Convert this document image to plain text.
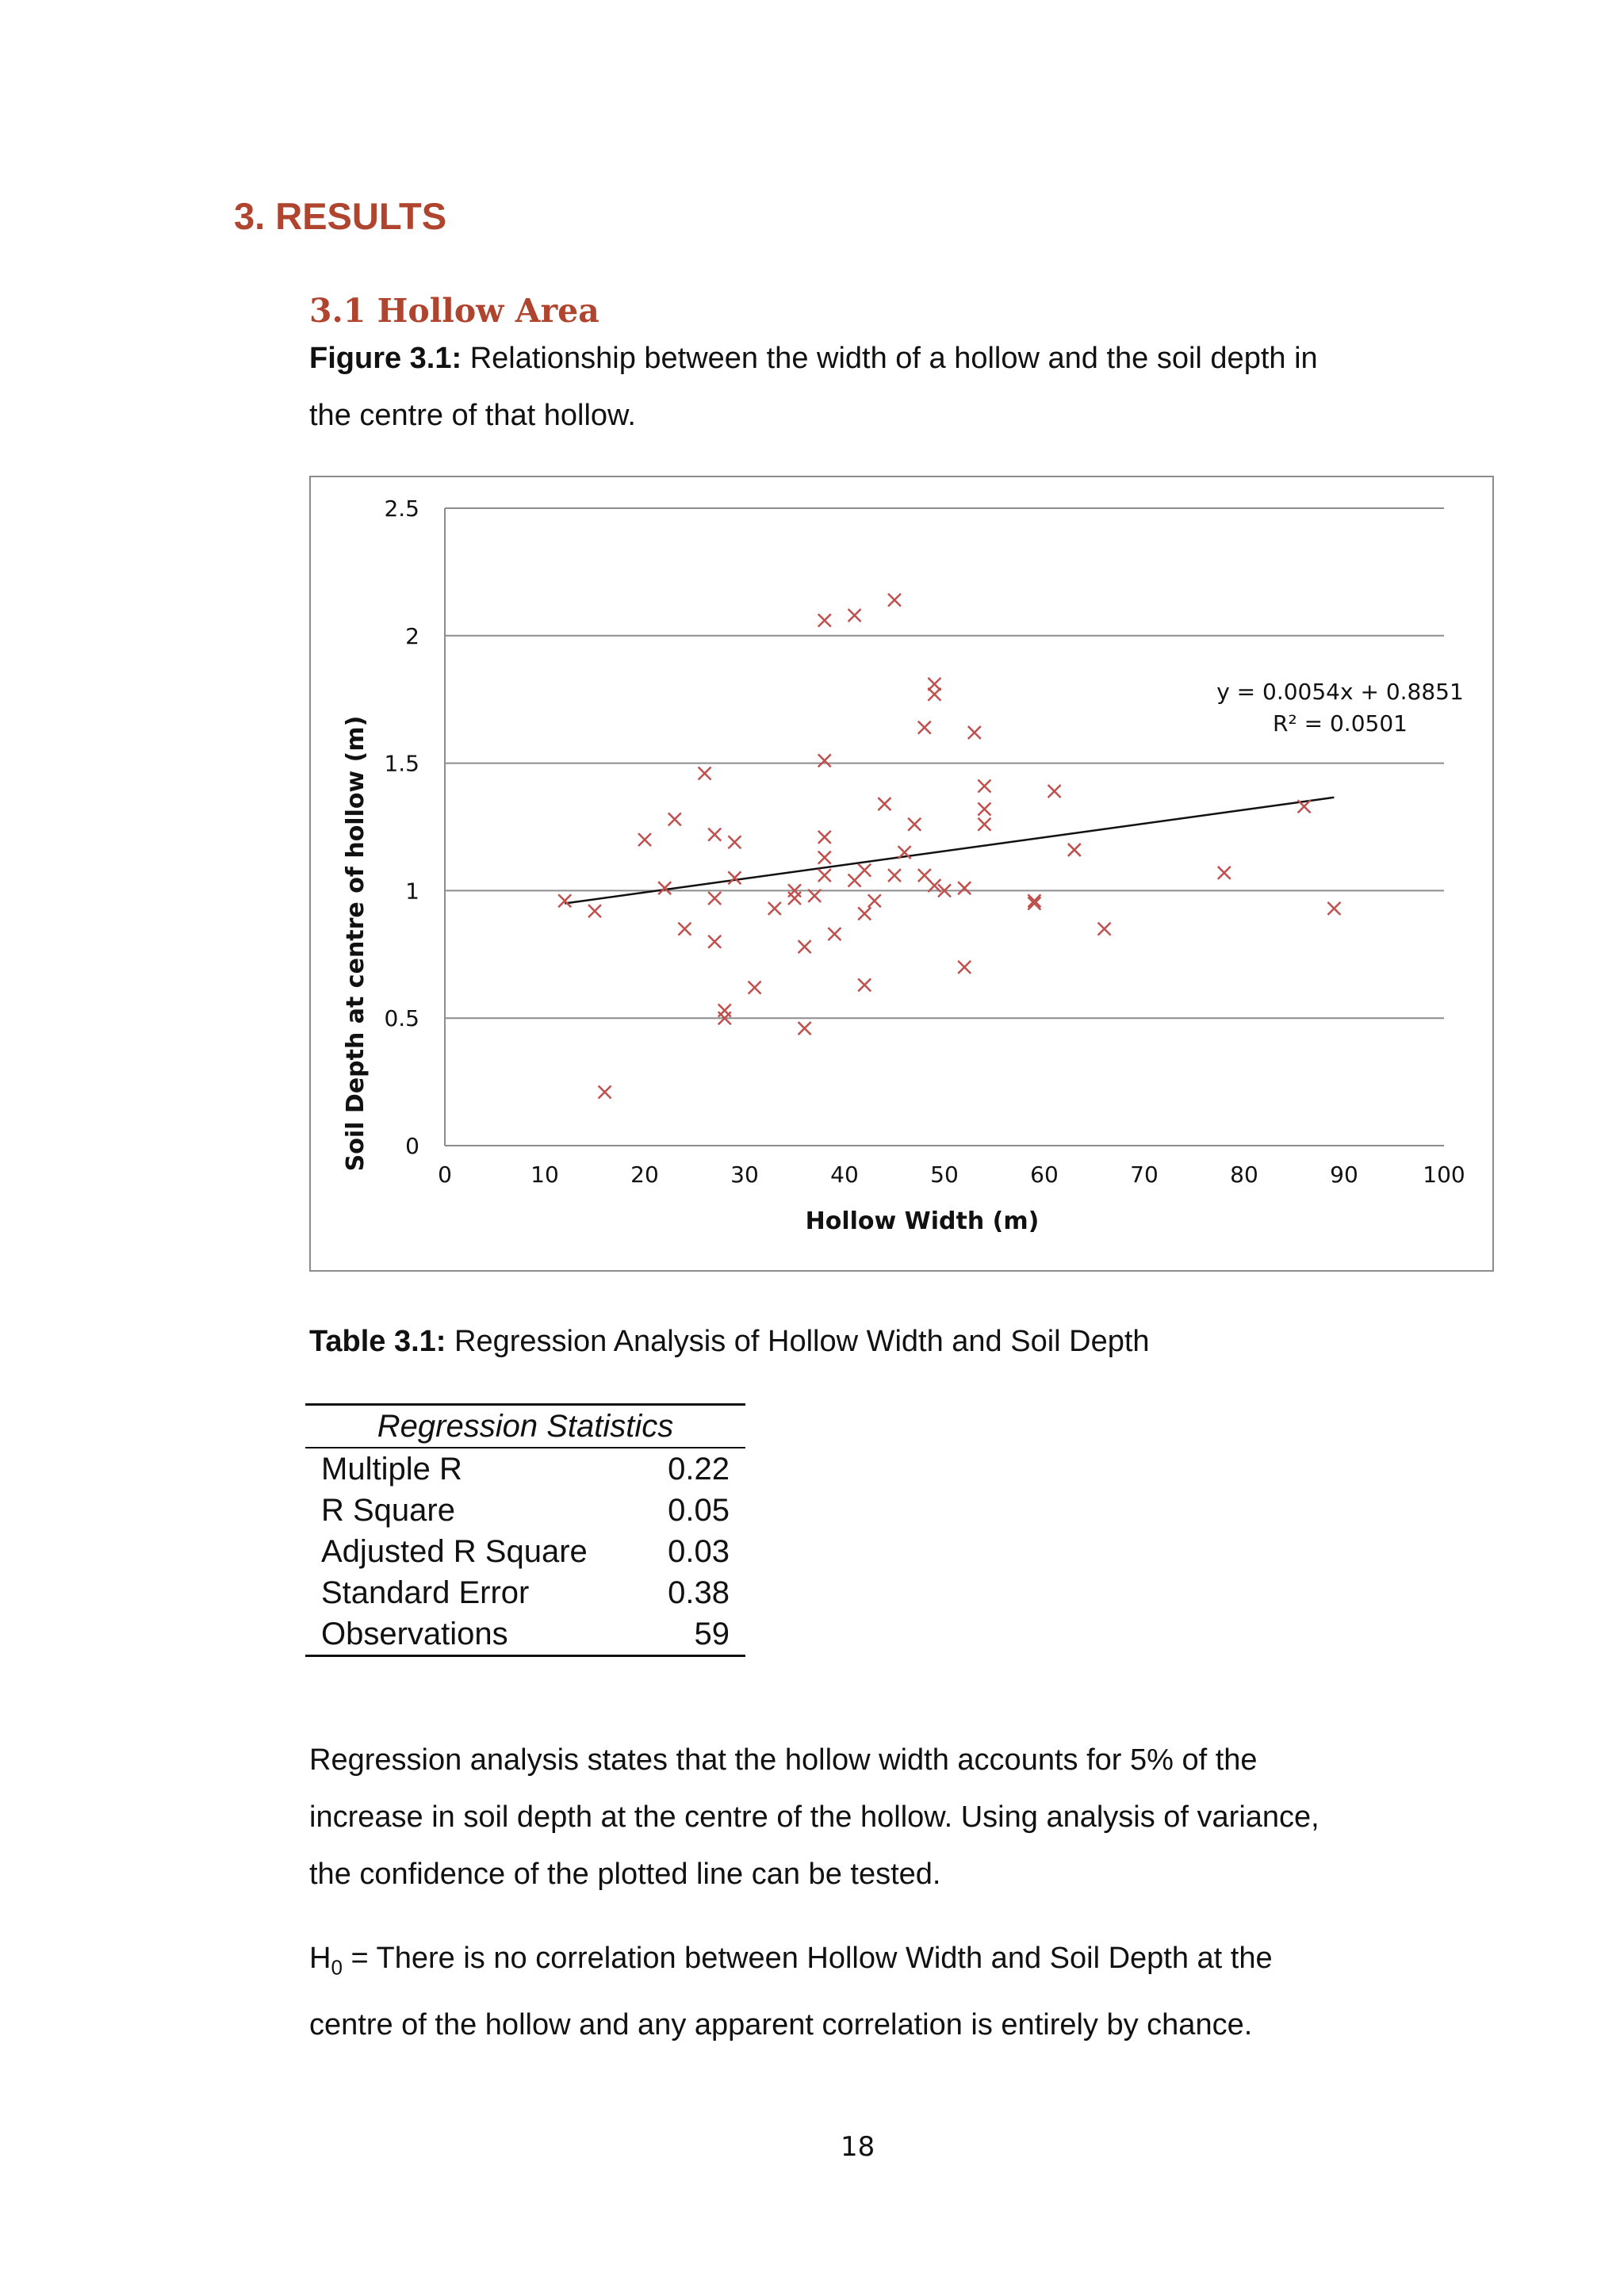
3. RESULTS
3.1 Hollow Area
Figure 3.1: Relationship between the width of a hollow and the soil depth in
the centre of that hollow.
0
0.5
1
1.5
2
2.5
0	10	20	30	40	50	60	70	80	90	100
y = 0.0054x + 0.8851
R² = 0.0501
Hollow Width (m)
Soil Depth at centre of hollow (m)
Table 3.1: Regression Analysis of Hollow Width and Soil Depth
Regression Statistics
Multiple R	0.22
R Square	0.05
Adjusted R Square	0.03
Standard Error	0.38
Observations	59
Regression analysis states that the hollow width accounts for 5% of the
increase in soil depth at the centre of the hollow. Using analysis of variance,
the confidence of the plotted line can be tested.
$H_0$ = There is no correlation between Hollow Width and Soil Depth at the
centre of the hollow and any apparent correlation is entirely by chance.
18
